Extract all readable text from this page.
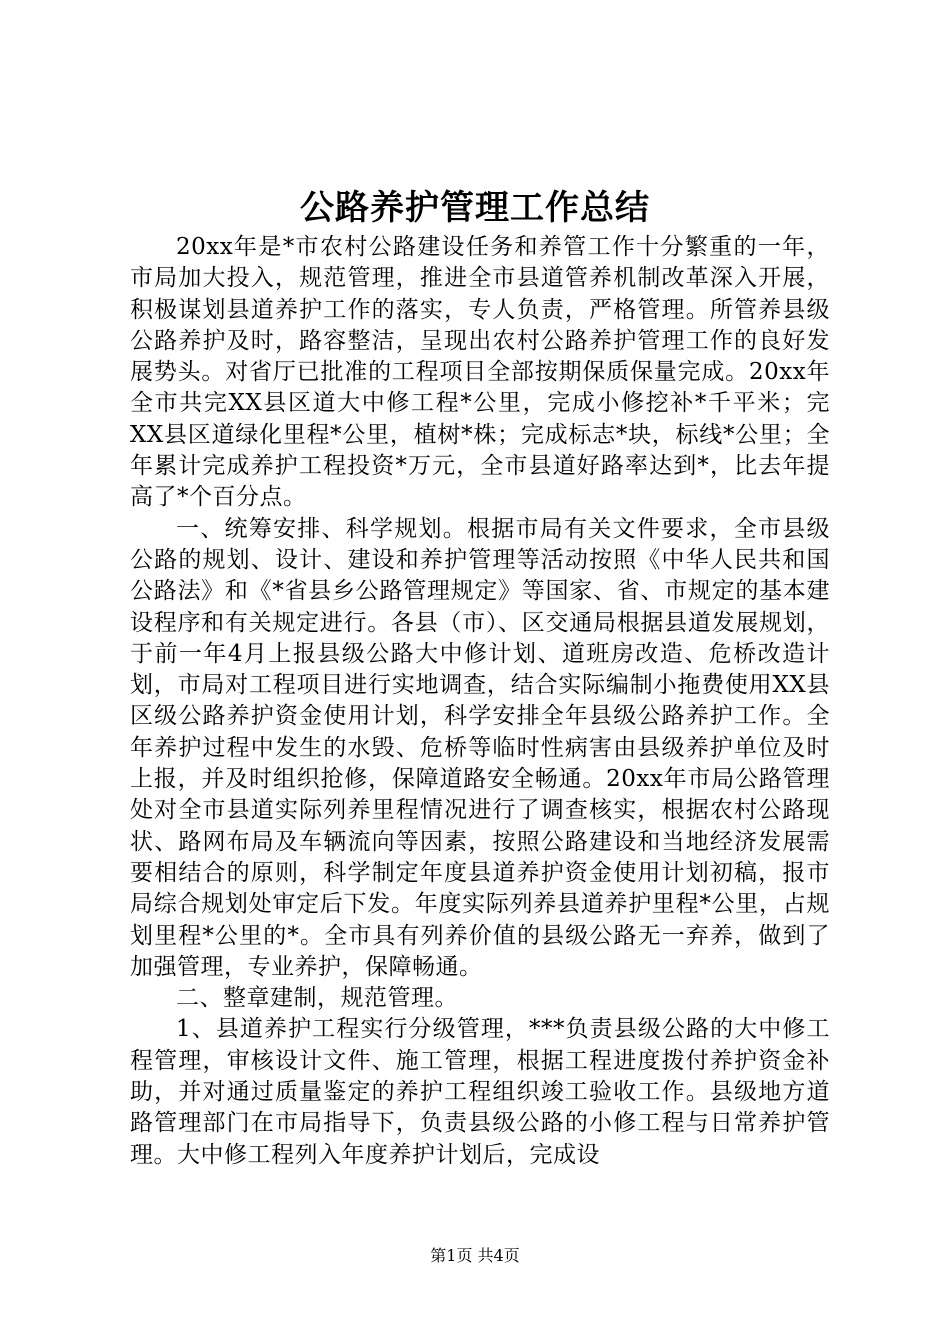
公路养护管理工作总结

20xx年是*市农村公路建设任务和养管工作十分繁重的一年，市局加大投入，规范管理，推进全市县道管养机制改革深入开展，积极谋划县道养护工作的落实，专人负责，严格管理。所管养县级公路养护及时，路容整洁，呈现出农村公路养护管理工作的良好发展势头。对省厅已批准的工程项目全部按期保质保量完成。20xx年全市共完XX县区道大中修工程*公里，完成小修挖补*千平米；完XX县区道绿化里程*公里，植树*株；完成标志*块，标线*公里；全年累计完成养护工程投资*万元，全市县道好路率达到*，比去年提高了*个百分点。

一、统筹安排、科学规划。根据市局有关文件要求，全市县级公路的规划、设计、建设和养护管理等活动按照《中华人民共和国公路法》和《*省县乡公路管理规定》等国家、省、市规定的基本建设程序和有关规定进行。各县（市）、区交通局根据县道发展规划，于前一年4月上报县级公路大中修计划、道班房改造、危桥改造计划，市局对工程项目进行实地调查，结合实际编制小拖费使用XX县区级公路养护资金使用计划，科学安排全年县级公路养护工作。全年养护过程中发生的水毁、危桥等临时性病害由县级养护单位及时上报，并及时组织抢修，保障道路安全畅通。20xx年市局公路管理处对全市县道实际列养里程情况进行了调查核实，根据农村公路现状、路网布局及车辆流向等因素，按照公路建设和当地经济发展需要相结合的原则，科学制定年度县道养护资金使用计划初稿，报市局综合规划处审定后下发。年度实际列养县道养护里程*公里，占规划里程*公里的*。全市具有列养价值的县级公路无一弃养，做到了加强管理，专业养护，保障畅通。

二、整章建制，规范管理。

1、县道养护工程实行分级管理，***负责县级公路的大中修工程管理，审核设计文件、施工管理，根据工程进度拨付养护资金补助，并对通过质量鉴定的养护工程组织竣工验收工作。县级地方道路管理部门在市局指导下，负责县级公路的小修工程与日常养护管理。大中修工程列入年度养护计划后，完成设

第1页 共4页
